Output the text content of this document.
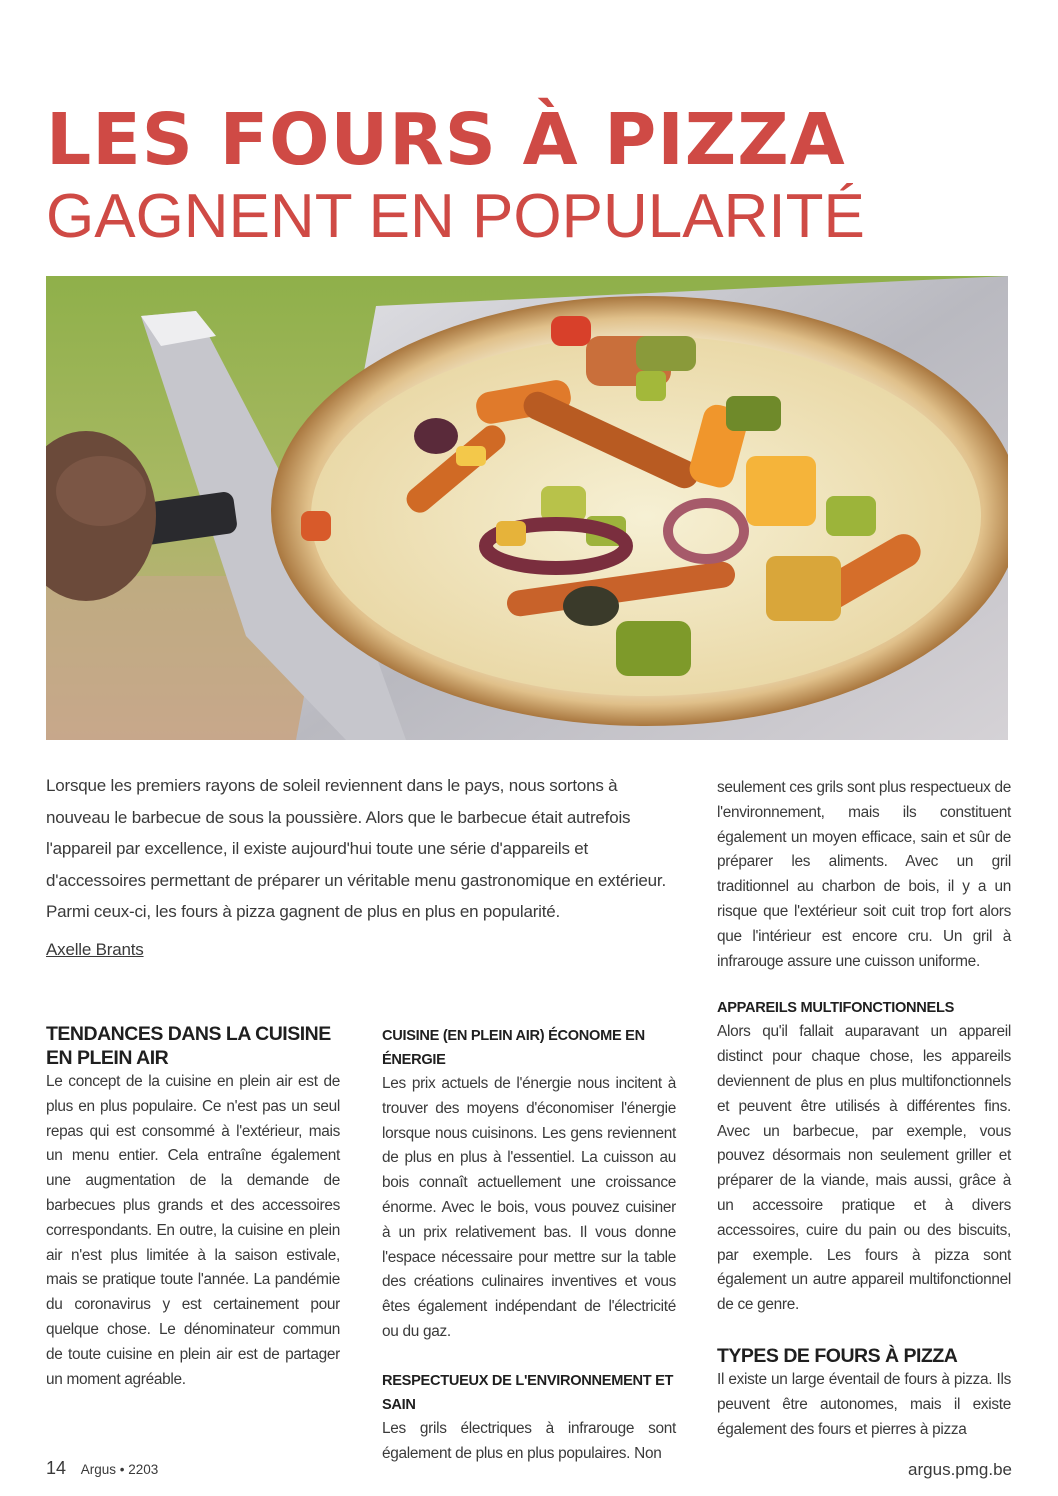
LES FOURS À PIZZA
GAGNENT EN POPULARITÉ

Lorsque les premiers rayons de soleil reviennent dans le pays, nous sortons à nouveau le barbecue de sous la poussière. Alors que le barbecue était autrefois l'appareil par excellence, il existe aujourd'hui toute une série d'appareils et d'accessoires permettant de préparer un véritable menu gastronomique en extérieur. Parmi ceux-ci, les fours à pizza gagnent de plus en plus en popularité.

Axelle Brants
TENDANCES DANS LA CUISINE EN PLEIN AIR

Le concept de la cuisine en plein air est de plus en plus populaire. Ce n'est pas un seul repas qui est consommé à l'extérieur, mais un menu entier. Cela entraîne également une augmentation de la demande de barbecues plus grands et des accessoires correspondants. En outre, la cuisine en plein air n'est plus limitée à la saison estivale, mais se pratique toute l'année. La pandémie du coronavirus y est certainement pour quelque chose. Le dénominateur commun de toute cuisine en plein air est de partager un moment agréable.

CUISINE (EN PLEIN AIR) ÉCONOME EN ÉNERGIE

Les prix actuels de l'énergie nous incitent à trouver des moyens d'économiser l'énergie lorsque nous cuisinons. Les gens reviennent de plus en plus à l'essentiel. La cuisson au bois connaît actuellement une croissance énorme. Avec le bois, vous pouvez cuisiner à un prix relativement bas. Il vous donne l'espace nécessaire pour mettre sur la table des créations culinaires inventives et vous êtes également indépendant de l'électricité ou du gaz.

RESPECTUEUX DE L'ENVIRONNEMENT ET SAIN

Les grils électriques à infrarouge sont également de plus en plus populaires. Non

seulement ces grils sont plus respectueux de l'environnement, mais ils constituent également un moyen efficace, sain et sûr de préparer les aliments. Avec un gril traditionnel au charbon de bois, il y a un risque que l'extérieur soit cuit trop fort alors que l'intérieur est encore cru. Un gril à infrarouge assure une cuisson uniforme.

APPAREILS MULTIFONCTIONNELS

Alors qu'il fallait auparavant un appareil distinct pour chaque chose, les appareils deviennent de plus en plus multifonctionnels et peuvent être utilisés à différentes fins. Avec un barbecue, par exemple, vous pouvez désormais non seulement griller et préparer de la viande, mais aussi, grâce à un accessoire pratique et à divers accessoires, cuire du pain ou des biscuits, par exemple. Les fours à pizza sont également un autre appareil multifonctionnel de ce genre.

TYPES DE FOURS À PIZZA

Il existe un large éventail de fours à pizza. Ils peuvent être autonomes, mais il existe également des fours et pierres à pizza

14 Argus • 2203	argus.pmg.be
